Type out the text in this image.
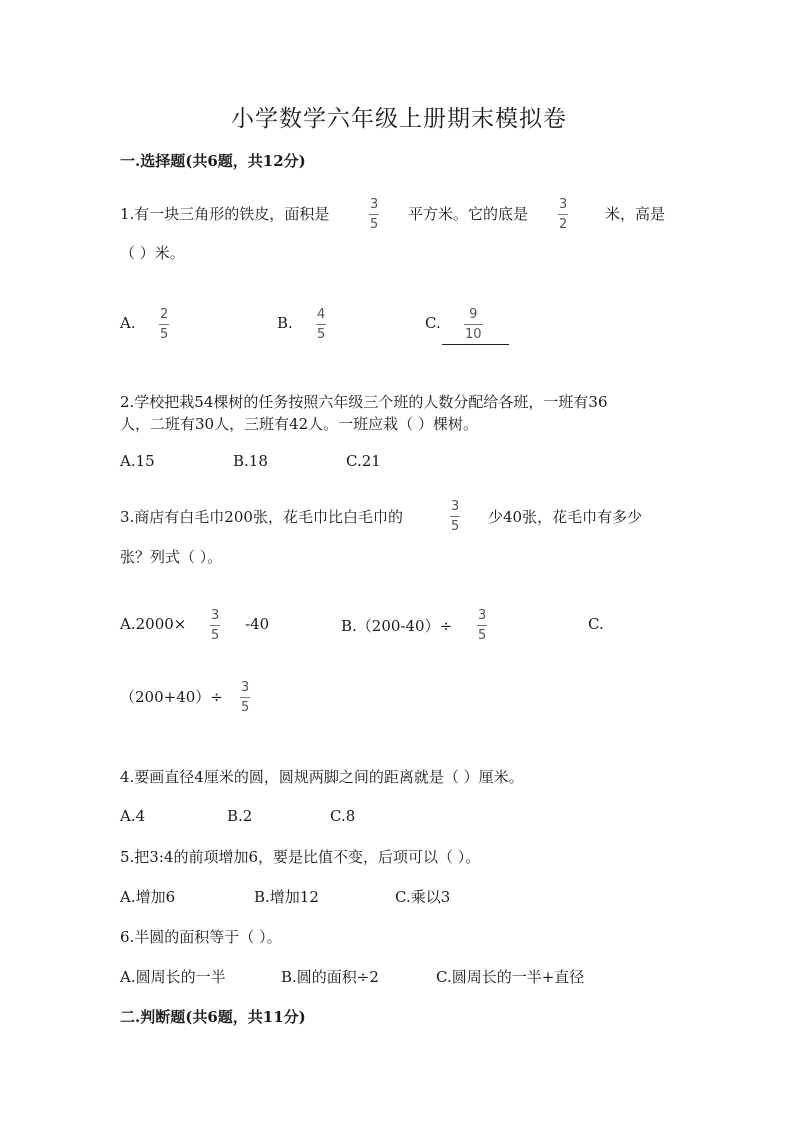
小学数学六年级上册期末模拟卷
一.选择题(共6题，共12分)
1.有一块三角形的铁皮，面积是
3
5
平方米。它的底是
3
2
米，高是
（ ）米。
A. 2
5
B. 4
5
C. 9
10
2.学校把栽54棵树的任务按照六年级三个班的人数分配给各班，一班有36
人，二班有30人，三班有42人。一班应栽（ ）棵树。
A.15	B.18	C.21
3.商店有白毛巾200张，花毛巾比白毛巾的
3
5
少40张，花毛巾有多少
张？列式（ ）。
A.2000× 3
5
-40	B.（200-40）÷
3
5
C.
（200+40）÷
3
5
4.要画直径4厘米的圆，圆规两脚之间的距离就是（ ）厘米。
A.4	B.2	C.8
5.把3:4的前项增加6，要是比值不变，后项可以（ ）。
A.增加6	B.增加12	C.乘以3
6.半圆的面积等于（ ）。
A.圆周长的一半	B.圆的面积÷2	C.圆周长的一半+直径
二.判断题(共6题，共11分)
